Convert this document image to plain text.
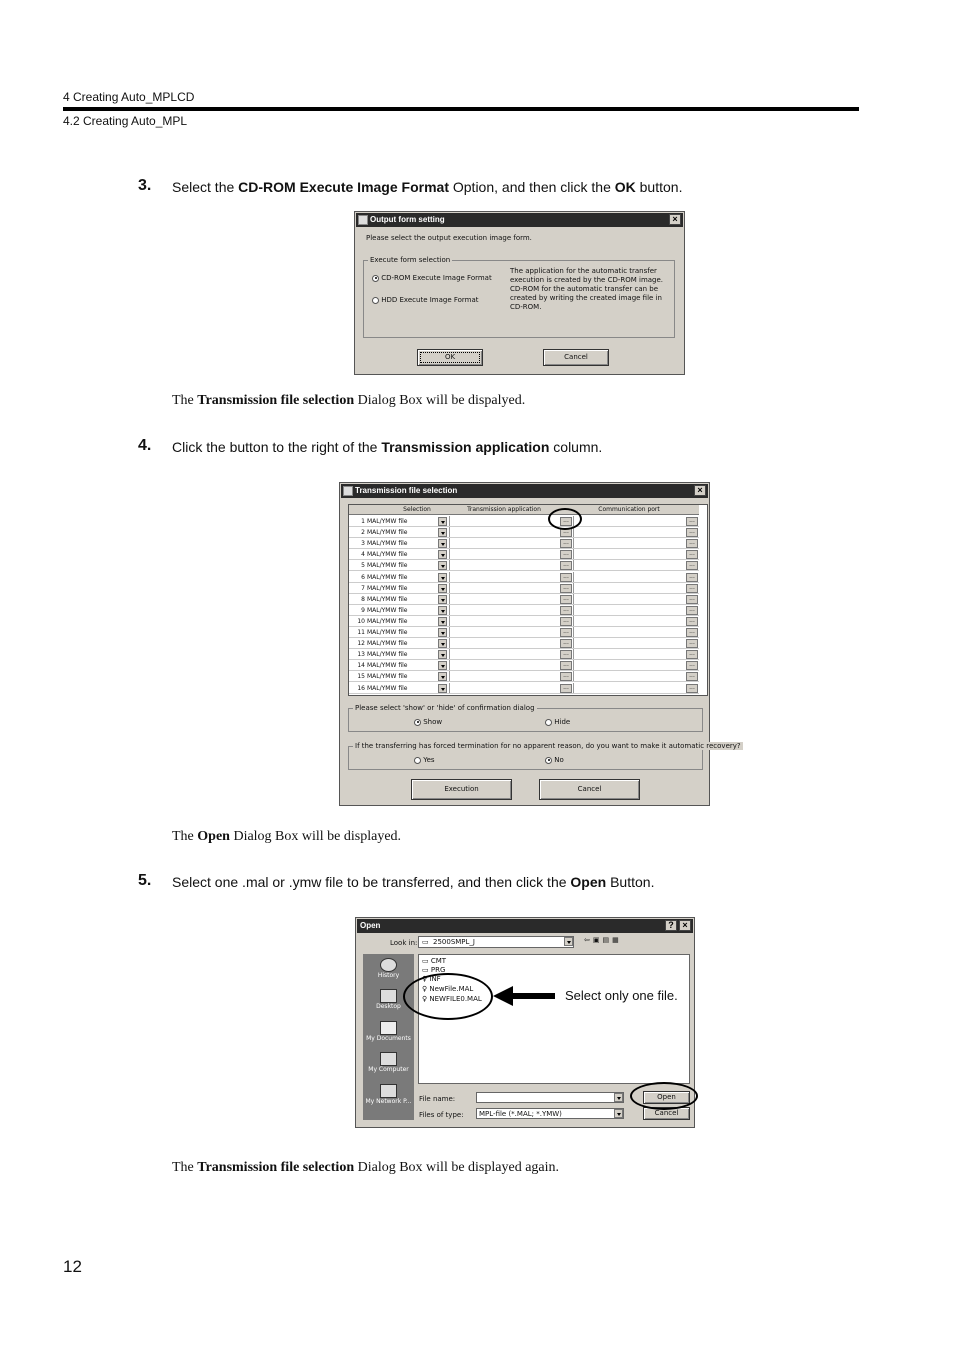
4 Creating Auto_MPLCD
4.2 Creating Auto_MPL
3. Select the CD-ROM Execute Image Format Option, and then click the OK button.
Output form setting	×
Please select the output execution image form.
Execute form selection
CD-ROM Execute Image Format
HDD Execute Image Format
The application for the automatic transfer
execution is created by the CD-ROM image.
CD-ROM for the automatic transfer can be
created by writing the created image file in
CD-ROM.
OK	Cancel
The Transmission file selection Dialog Box will be dispalyed.
4. Click the button to the right of the Transmission application column.
Transmission file selection	×
Selection	Transmission application	Communication port
1 MAL/YMW file	...	...
2 MAL/YMW file	...	...
3 MAL/YMW file	...	...
4 MAL/YMW file	...	...
5 MAL/YMW file	...	...
6 MAL/YMW file	...	...
7 MAL/YMW file	...	...
8 MAL/YMW file	...	...
9 MAL/YMW file	...	...
10 MAL/YMW file	...	...
11 MAL/YMW file	...	...
12 MAL/YMW file	...	...
13 MAL/YMW file	...	...
14 MAL/YMW file	...	...
15 MAL/YMW file	...	...
16 MAL/YMW file	...	...
Please select 'show' or 'hide' of confirmation dialog
Show	Hide
If the transferring has forced termination for no apparent reason, do you want to make it automatic recovery?
Yes	No
Execution	Cancel
The Open Dialog Box will be displayed.
5. Select one .mal or .ymw file to be transferred, and then click the Open Button.
Open	? ×
Look in: ▭ 2500SMPL_J	⇦▣▤▦
History
Desktop
My Documents
My Computer
My Network P...
▭ CMT
▭ PRG
♀ INF
♀ NewFile.MAL
♀ NEWFILE0.MAL
File name:
Files of type: MPL-file (*.MAL; *.YMW)
Open
Cancel
Select only one file.
The Transmission file selection Dialog Box will be displayed again.
12
